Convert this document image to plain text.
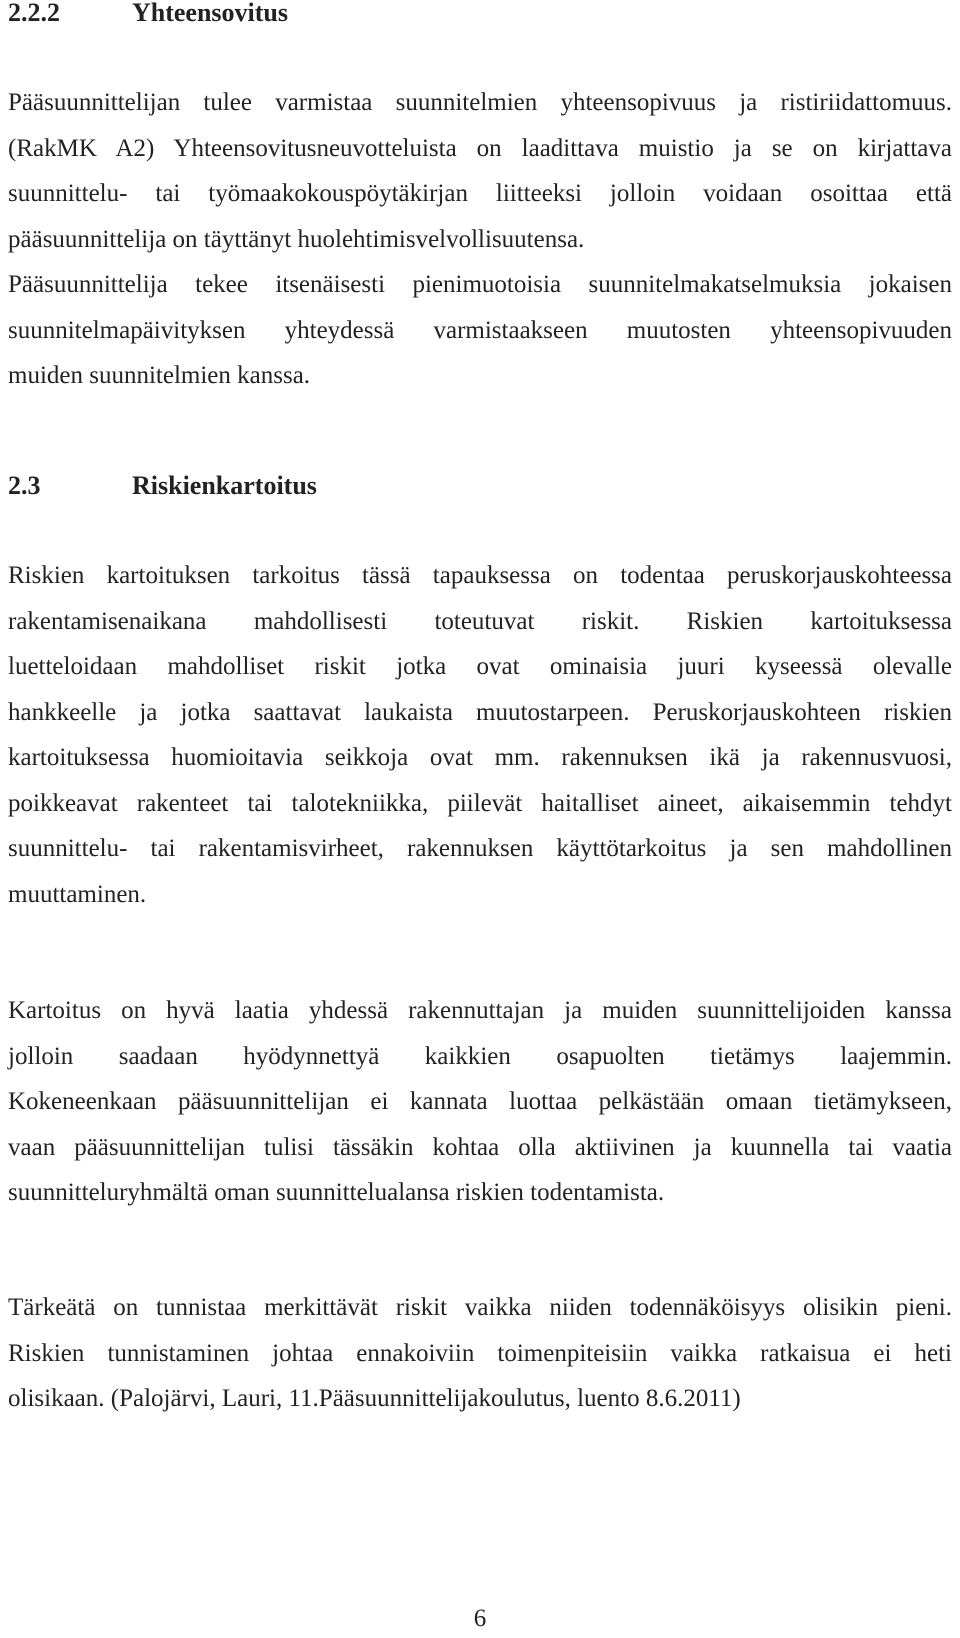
2.2.2	Yhteensovitus

Pääsuunnittelijan tulee varmistaa suunnitelmien yhteensopivuus ja ristiriidattomuus.
(RakMK A2) Yhteensovitusneuvotteluista on laadittava muistio ja se on kirjattava
suunnittelu- tai työmaakokouspöytäkirjan liitteeksi jolloin voidaan osoittaa että
pääsuunnittelija on täyttänyt huolehtimisvelvollisuutensa.
Pääsuunnittelija tekee itsenäisesti pienimuotoisia suunnitelmakatselmuksia jokaisen
suunnitelmapäivityksen yhteydessä varmistaakseen muutosten yhteensopivuuden
muiden suunnitelmien kanssa.

2.3	Riskienkartoitus

Riskien kartoituksen tarkoitus tässä tapauksessa on todentaa peruskorjauskohteessa
rakentamisenaikana mahdollisesti toteutuvat riskit. Riskien kartoituksessa
luetteloidaan mahdolliset riskit jotka ovat ominaisia juuri kyseessä olevalle
hankkeelle ja jotka saattavat laukaista muutostarpeen. Peruskorjauskohteen riskien
kartoituksessa huomioitavia seikkoja ovat mm. rakennuksen ikä ja rakennusvuosi,
poikkeavat rakenteet tai talotekniikka, piilevät haitalliset aineet, aikaisemmin tehdyt
suunnittelu- tai rakentamisvirheet, rakennuksen käyttötarkoitus ja sen mahdollinen
muuttaminen.

Kartoitus on hyvä laatia yhdessä rakennuttajan ja muiden suunnittelijoiden kanssa
jolloin saadaan hyödynnettyä kaikkien osapuolten tietämys laajemmin.
Kokeneenkaan pääsuunnittelijan ei kannata luottaa pelkästään omaan tietämykseen,
vaan pääsuunnittelijan tulisi tässäkin kohtaa olla aktiivinen ja kuunnella tai vaatia
suunnitteluryhmältä oman suunnittelualansa riskien todentamista.

Tärkeätä on tunnistaa merkittävät riskit vaikka niiden todennäköisyys olisikin pieni.
Riskien tunnistaminen johtaa ennakoiviin toimenpiteisiin vaikka ratkaisua ei heti
olisikaan. (Palojärvi, Lauri, 11.Pääsuunnittelijakoulutus, luento 8.6.2011)

6
